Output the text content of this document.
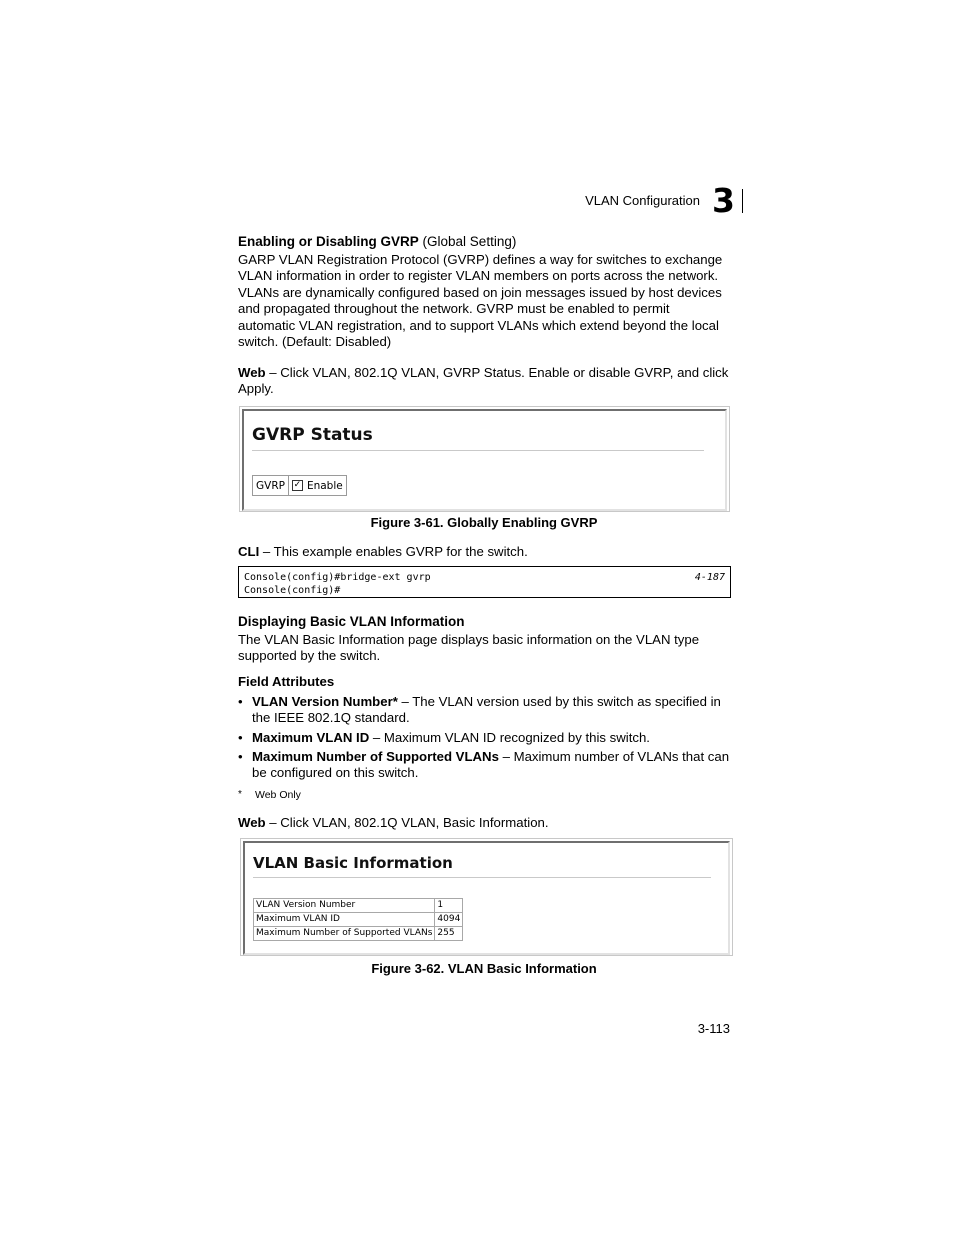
VLAN Configuration 3
Enabling or Disabling GVRP (Global Setting)
GARP VLAN Registration Protocol (GVRP) defines a way for switches to exchange VLAN information in order to register VLAN members on ports across the network. VLANs are dynamically configured based on join messages issued by host devices and propagated throughout the network. GVRP must be enabled to permit automatic VLAN registration, and to support VLANs which extend beyond the local switch. (Default: Disabled)
Web – Click VLAN, 802.1Q VLAN, GVRP Status. Enable or disable GVRP, and click Apply.
GVRP Status
GVRP ✓ Enable
Figure 3-61. Globally Enabling GVRP
CLI – This example enables GVRP for the switch.
Console(config)#bridge-ext gvrp
Console(config)#
4-187
Displaying Basic VLAN Information
The VLAN Basic Information page displays basic information on the VLAN type supported by the switch.
Field Attributes
• VLAN Version Number* – The VLAN version used by this switch as specified in the IEEE 802.1Q standard.
• Maximum VLAN ID – Maximum VLAN ID recognized by this switch.
• Maximum Number of Supported VLANs – Maximum number of VLANs that can be configured on this switch.
* Web Only
Web – Click VLAN, 802.1Q VLAN, Basic Information.
VLAN Basic Information
VLAN Version Number	1
Maximum VLAN ID	4094
Maximum Number of Supported VLANs	255
Figure 3-62. VLAN Basic Information
3-113
